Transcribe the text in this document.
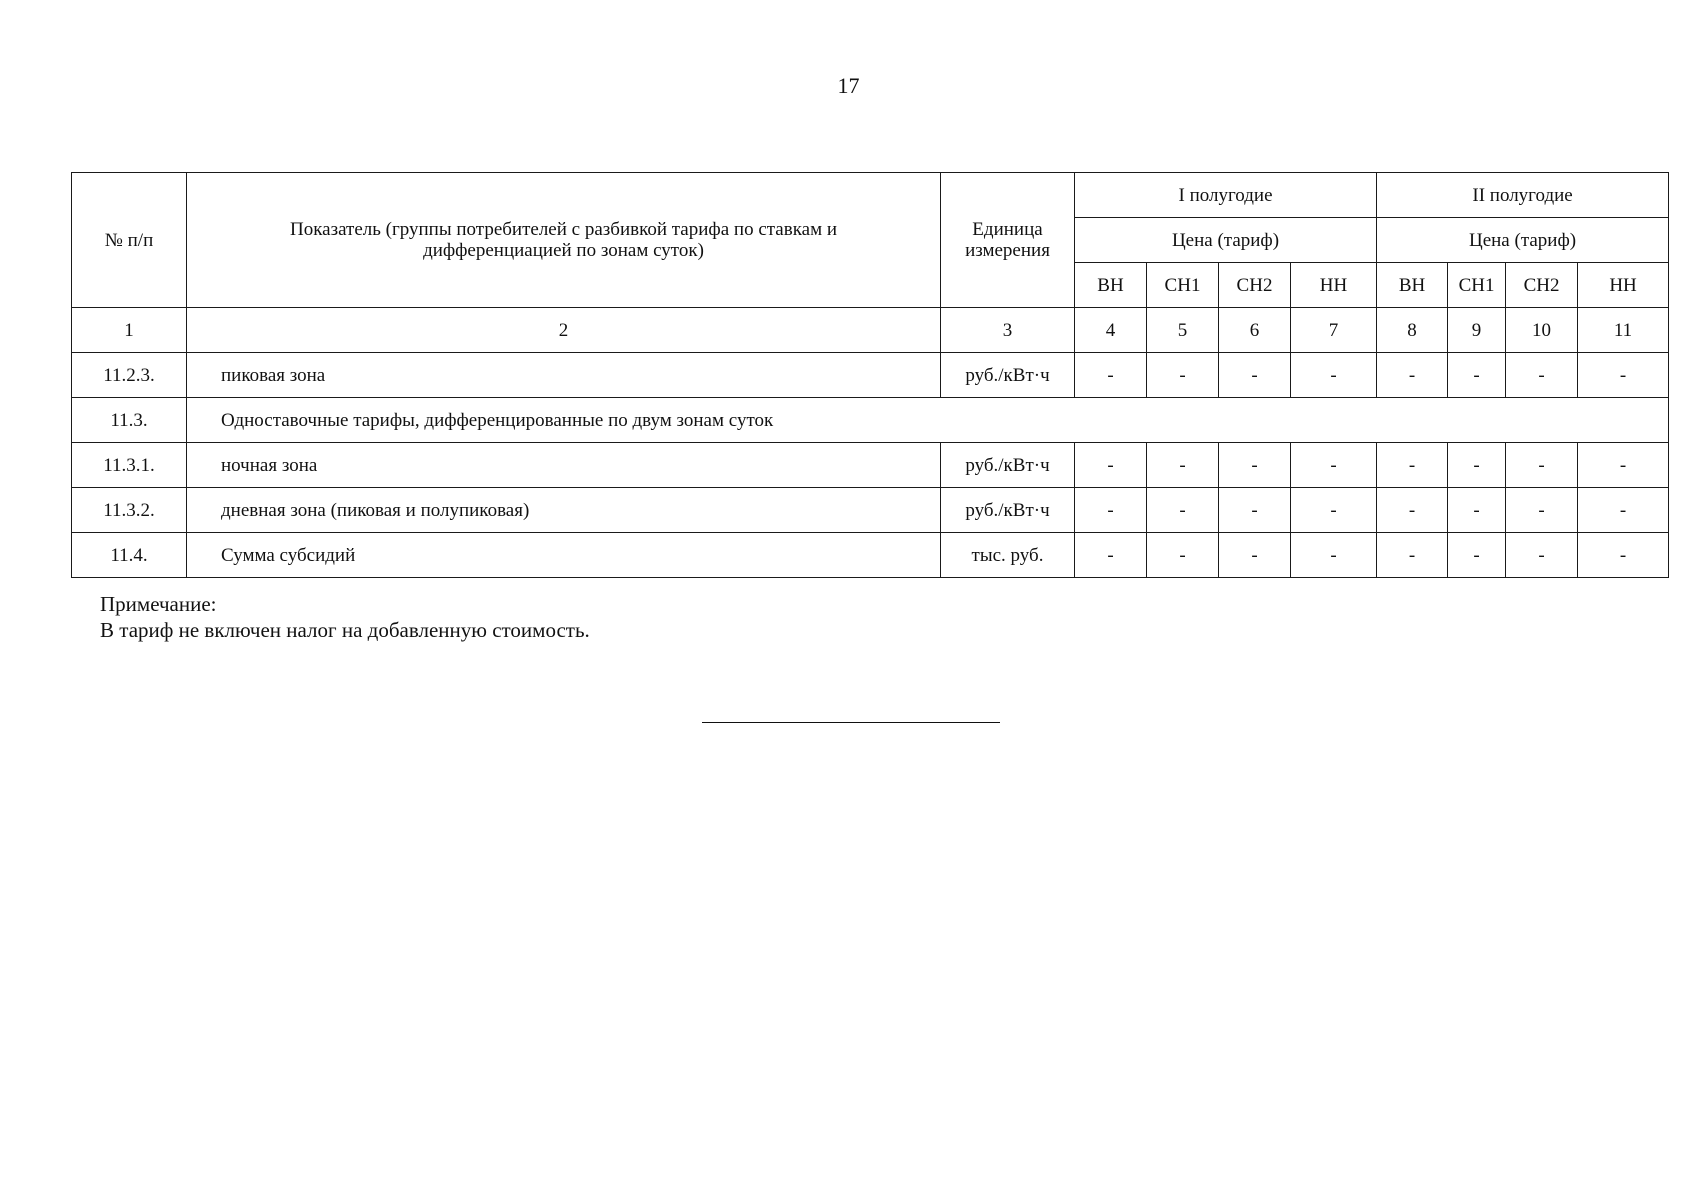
17
№ п/п	Показатель (группы потребителей с разбивкой тарифа по ставкам и дифференциацией по зонам суток)	Единица измерения	I полугодие				II полугодие			
			Цена (тариф)				Цена (тариф)			
			ВН	СН1	СН2	НН	ВН	СН1	СН2	НН
1	2	3	4	5	6	7	8	9	10	11
11.2.3.	пиковая зона	руб./кВт·ч	-	-	-	-	-	-	-	-
11.3.	Одноставочные тарифы, дифференцированные по двум зонам суток									
11.3.1.	ночная зона	руб./кВт·ч	-	-	-	-	-	-	-	-
11.3.2.	дневная зона (пиковая и полупиковая)	руб./кВт·ч	-	-	-	-	-	-	-	-
11.4.	Сумма субсидий	тыс. руб.	-	-	-	-	-	-	-	-
Примечание:
В тариф не включен налог на добавленную стоимость.
